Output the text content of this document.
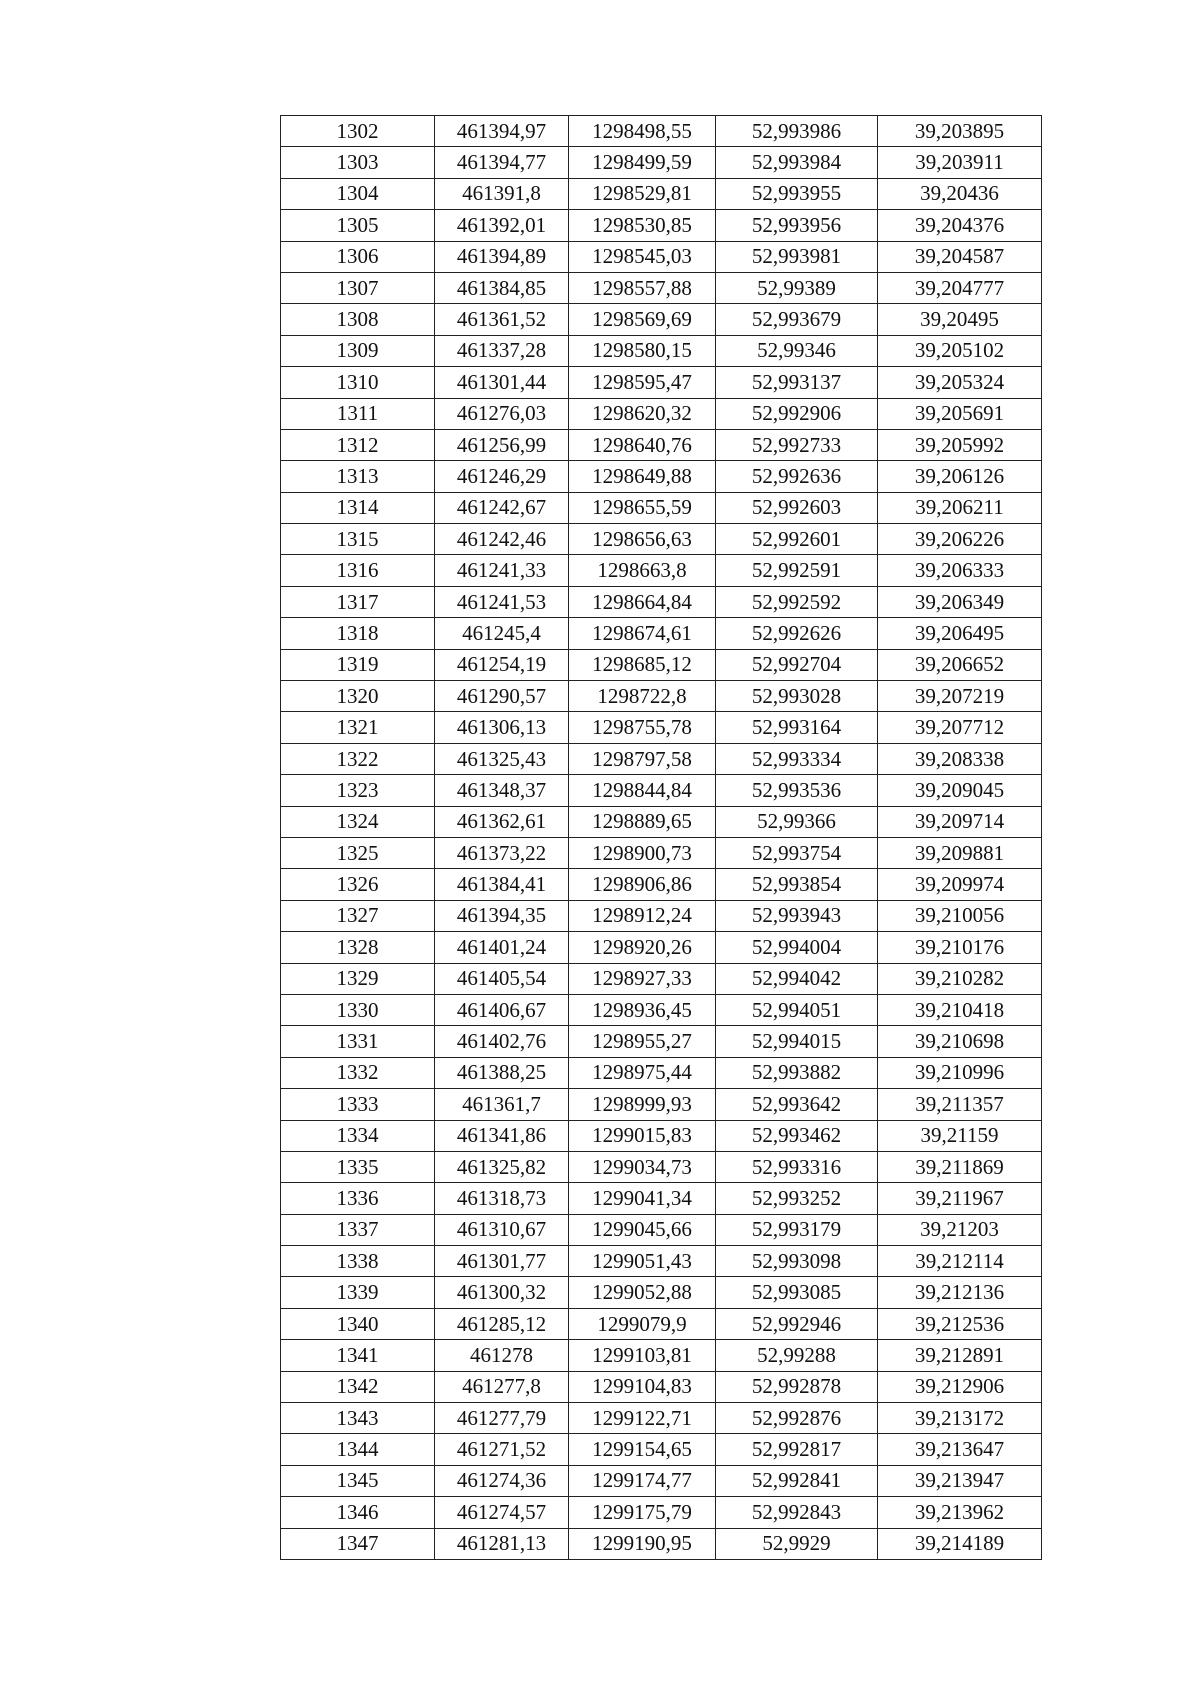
1302	461394,97	1298498,55	52,993986	39,203895
1303	461394,77	1298499,59	52,993984	39,203911
1304	461391,8	1298529,81	52,993955	39,20436
1305	461392,01	1298530,85	52,993956	39,204376
1306	461394,89	1298545,03	52,993981	39,204587
1307	461384,85	1298557,88	52,99389	39,204777
1308	461361,52	1298569,69	52,993679	39,20495
1309	461337,28	1298580,15	52,99346	39,205102
1310	461301,44	1298595,47	52,993137	39,205324
1311	461276,03	1298620,32	52,992906	39,205691
1312	461256,99	1298640,76	52,992733	39,205992
1313	461246,29	1298649,88	52,992636	39,206126
1314	461242,67	1298655,59	52,992603	39,206211
1315	461242,46	1298656,63	52,992601	39,206226
1316	461241,33	1298663,8	52,992591	39,206333
1317	461241,53	1298664,84	52,992592	39,206349
1318	461245,4	1298674,61	52,992626	39,206495
1319	461254,19	1298685,12	52,992704	39,206652
1320	461290,57	1298722,8	52,993028	39,207219
1321	461306,13	1298755,78	52,993164	39,207712
1322	461325,43	1298797,58	52,993334	39,208338
1323	461348,37	1298844,84	52,993536	39,209045
1324	461362,61	1298889,65	52,99366	39,209714
1325	461373,22	1298900,73	52,993754	39,209881
1326	461384,41	1298906,86	52,993854	39,209974
1327	461394,35	1298912,24	52,993943	39,210056
1328	461401,24	1298920,26	52,994004	39,210176
1329	461405,54	1298927,33	52,994042	39,210282
1330	461406,67	1298936,45	52,994051	39,210418
1331	461402,76	1298955,27	52,994015	39,210698
1332	461388,25	1298975,44	52,993882	39,210996
1333	461361,7	1298999,93	52,993642	39,211357
1334	461341,86	1299015,83	52,993462	39,21159
1335	461325,82	1299034,73	52,993316	39,211869
1336	461318,73	1299041,34	52,993252	39,211967
1337	461310,67	1299045,66	52,993179	39,21203
1338	461301,77	1299051,43	52,993098	39,212114
1339	461300,32	1299052,88	52,993085	39,212136
1340	461285,12	1299079,9	52,992946	39,212536
1341	461278	1299103,81	52,99288	39,212891
1342	461277,8	1299104,83	52,992878	39,212906
1343	461277,79	1299122,71	52,992876	39,213172
1344	461271,52	1299154,65	52,992817	39,213647
1345	461274,36	1299174,77	52,992841	39,213947
1346	461274,57	1299175,79	52,992843	39,213962
1347	461281,13	1299190,95	52,9929	39,214189
